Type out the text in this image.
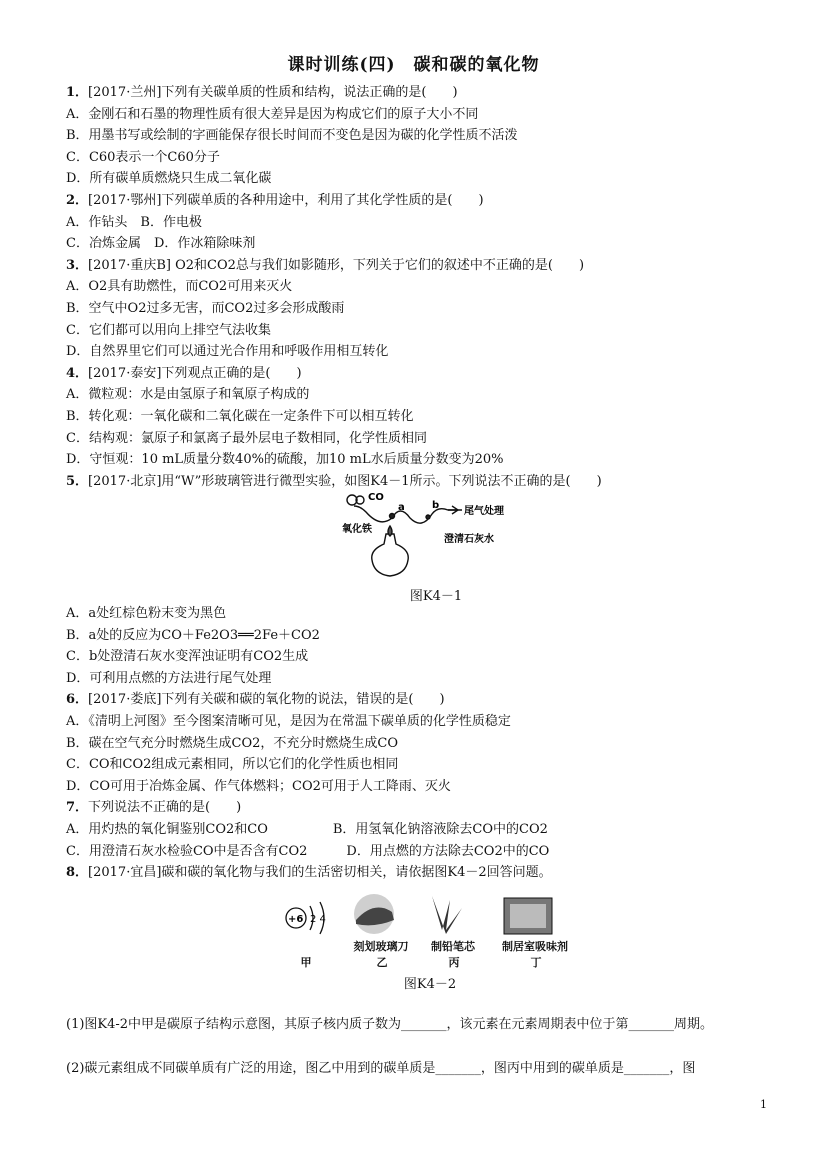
课时训练(四)　碳和碳的氧化物
1．[2017·兰州]下列有关碳单质的性质和结构，说法正确的是(　　)
A．金刚石和石墨的物理性质有很大差异是因为构成它们的原子大小不同
B．用墨书写或绘制的字画能保存很长时间而不变色是因为碳的化学性质不活泼
C．C60表示一个C60分子
D．所有碳单质燃烧只生成二氧化碳
2．[2017·鄂州]下列碳单质的各种用途中，利用了其化学性质的是(　　)
A．作钻头　B．作电极
C．冶炼金属　D．作冰箱除味剂
3．[2017·重庆B] O2和CO2总与我们如影随形，下列关于它们的叙述中不正确的是(　　)
A．O2具有助燃性，而CO2可用来灭火
B．空气中O2过多无害，而CO2过多会形成酸雨
C．它们都可以用向上排空气法收集
D．自然界里它们可以通过光合作用和呼吸作用相互转化
4．[2017·泰安]下列观点正确的是(　　)
A．微粒观：水是由氢原子和氧原子构成的
B．转化观：一氧化碳和二氧化碳在一定条件下可以相互转化
C．结构观：氯原子和氯离子最外层电子数相同，化学性质相同
D．守恒观：10 mL质量分数40%的硫酸，加10 mL水后质量分数变为20%
5．[2017·北京]用“W”形玻璃管进行微型实验，如图K4－1所示。下列说法不正确的是(　　)
CO
氧化铁
a	b
尾气处理
澄清石灰水
图K4－1
A．a处红棕色粉末变为黑色
B．a处的反应为CO＋Fe2O3══2Fe＋CO2
C．b处澄清石灰水变浑浊证明有CO2生成
D．可利用点燃的方法进行尾气处理
6．[2017·娄底]下列有关碳和碳的氧化物的说法，错误的是(　　)
A．《清明上河图》至今图案清晰可见，是因为在常温下碳单质的化学性质稳定
B．碳在空气充分时燃烧生成CO2，不充分时燃烧生成CO
C．CO和CO2组成元素相同，所以它们的化学性质也相同
D．CO可用于冶炼金属、作气体燃料；CO2可用于人工降雨、灭火
7．下列说法不正确的是(　　)
A．用灼热的氧化铜鉴别CO2和CO　　　　　B．用氢氧化钠溶液除去CO中的CO2
C．用澄清石灰水检验CO中是否含有CO2　　　D．用点燃的方法除去CO2中的CO
8．[2017·宜昌]碳和碳的氧化物与我们的生活密切相关，请依据图K4－2回答问题。
+6 2 4
甲
刻划玻璃刀
乙
制铅笔芯
丙
制居室吸味剂
丁
图K4－2
(1)图K4-2中甲是碳原子结构示意图，其原子核内质子数为_______，该元素在元素周期表中位于第_______周期。
(2)碳元素组成不同碳单质有广泛的用途，图乙中用到的碳单质是_______，图丙中用到的碳单质是_______，图
1
